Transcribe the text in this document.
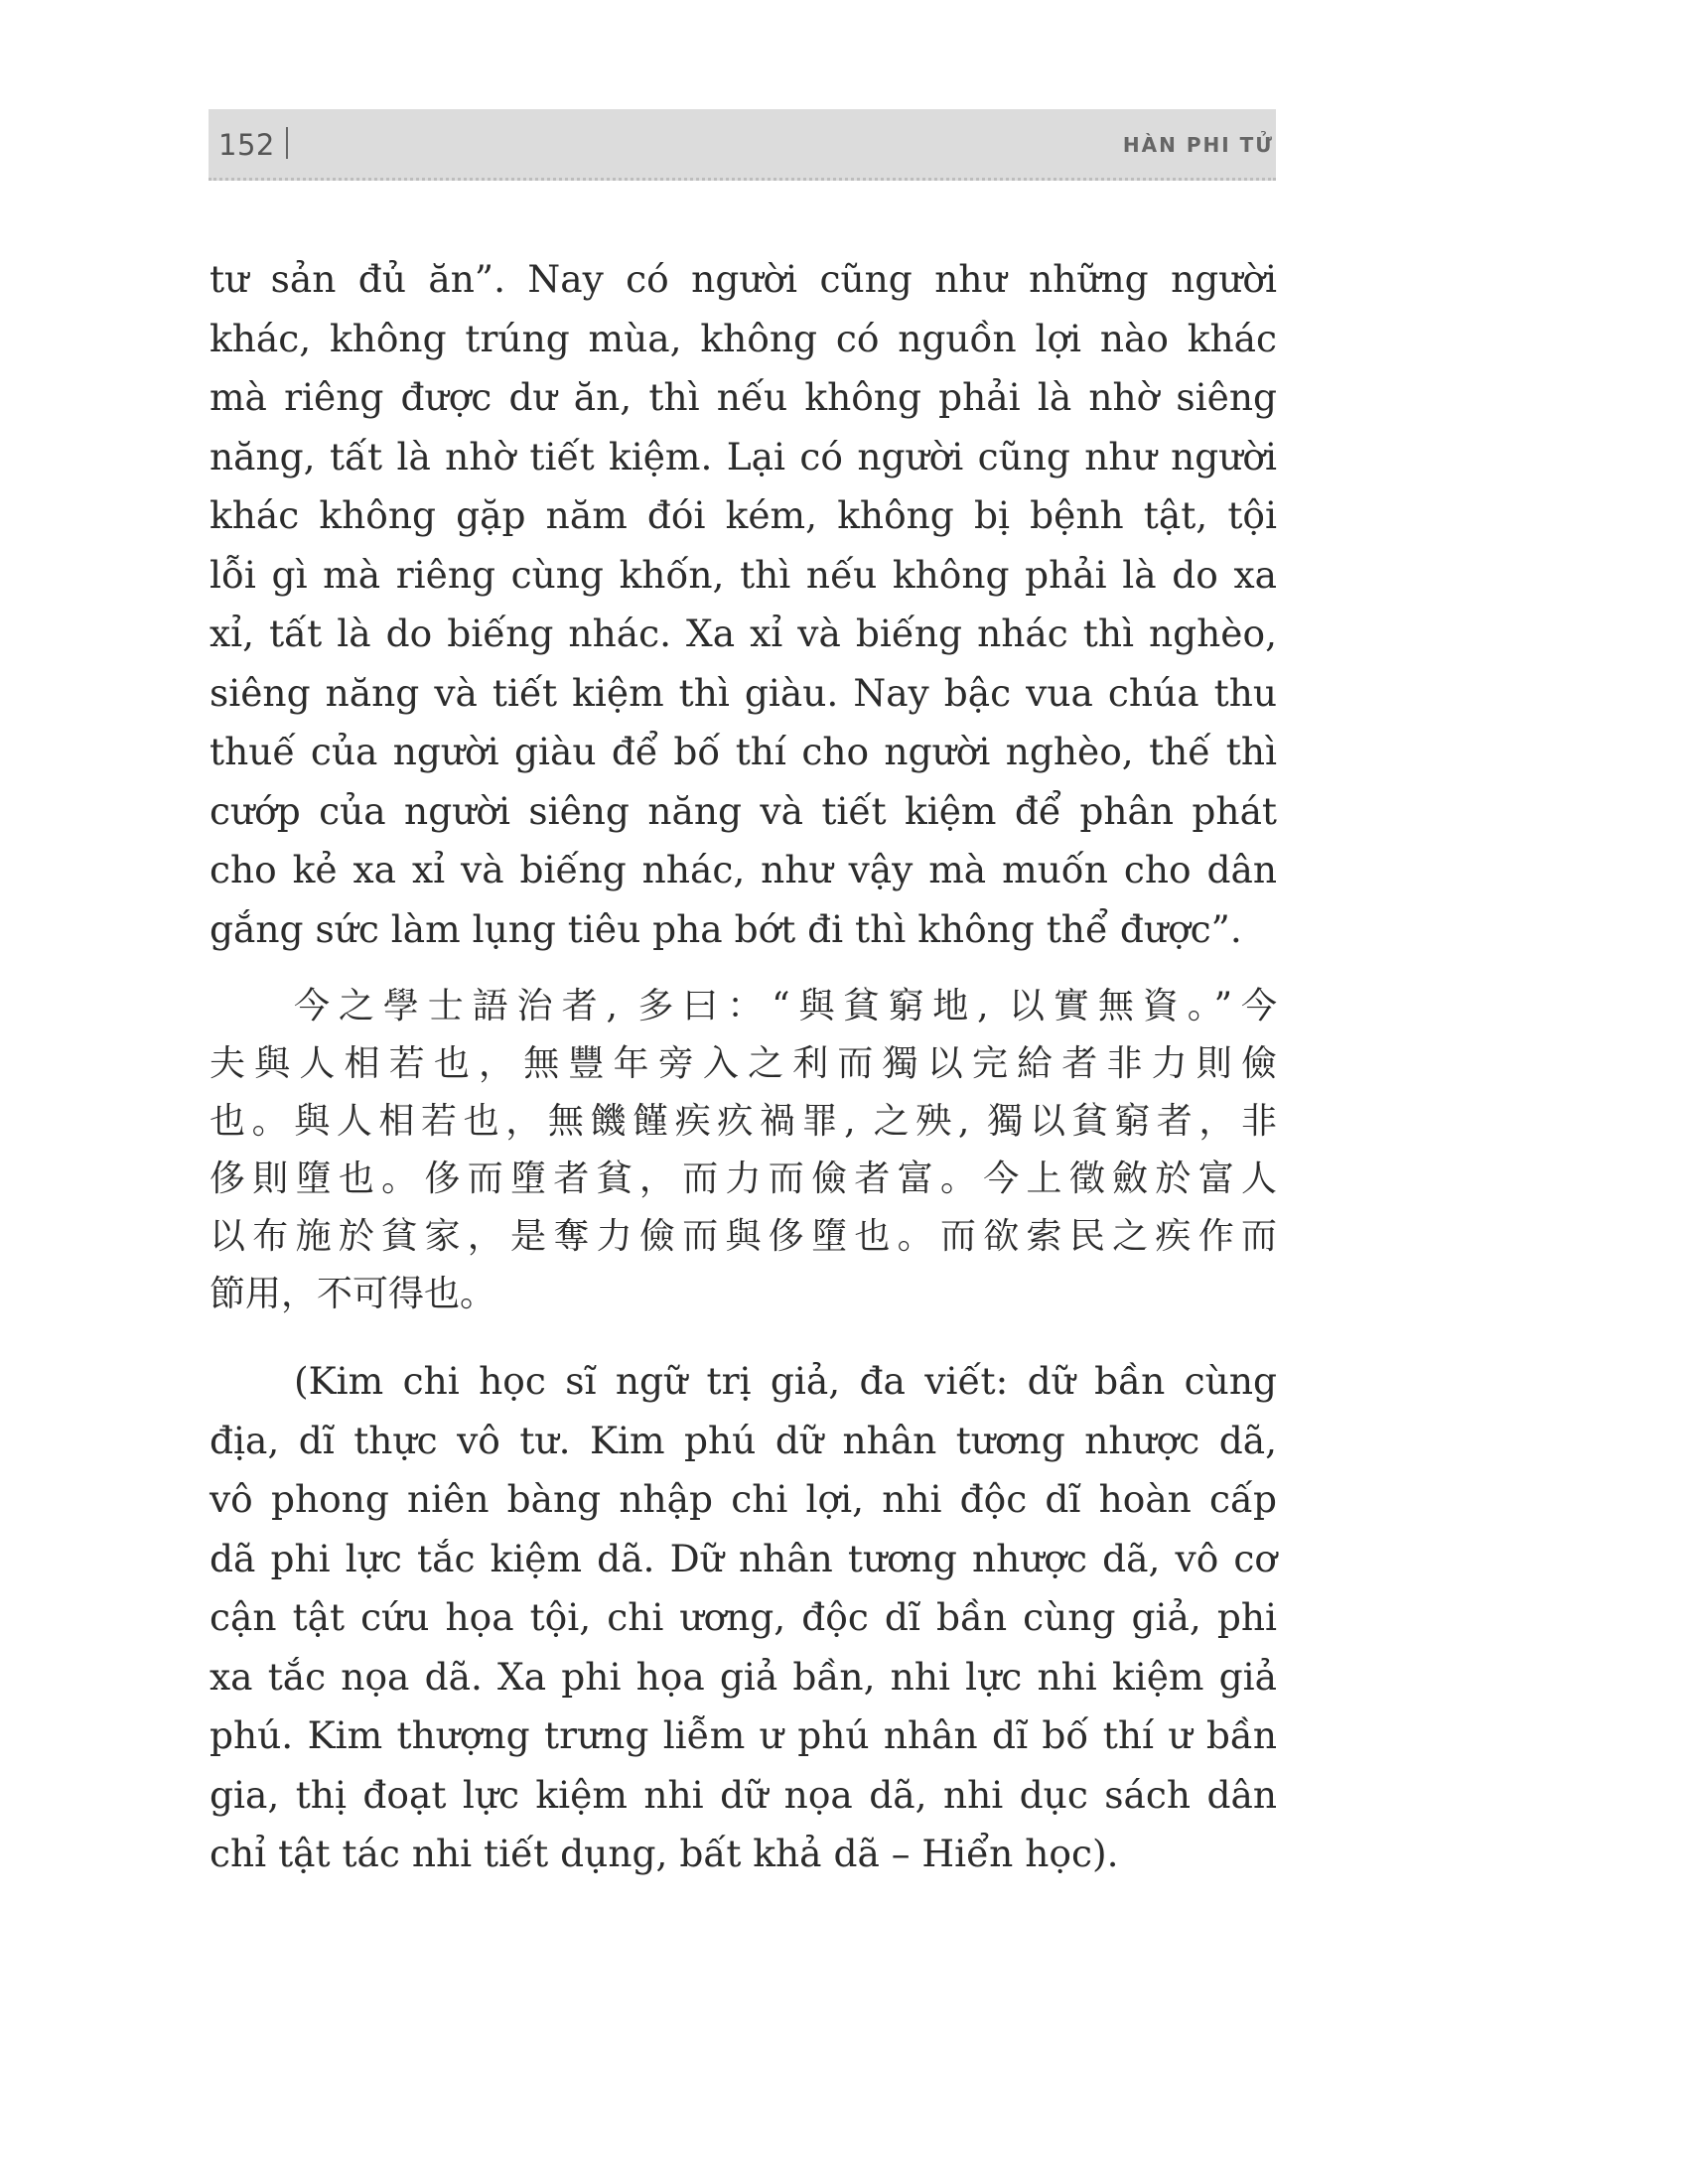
152	HÀN PHI TỬ
tư sản đủ ăn”. Nay có người cũng như những người
khác, không trúng mùa, không có nguồn lợi nào khác
mà riêng được dư ăn, thì nếu không phải là nhờ siêng
năng, tất là nhờ tiết kiệm. Lại có người cũng như người
khác không gặp năm đói kém, không bị bệnh tật, tội
lỗi gì mà riêng cùng khốn, thì nếu không phải là do xa
xỉ, tất là do biếng nhác. Xa xỉ và biếng nhác thì nghèo,
siêng năng và tiết kiệm thì giàu. Nay bậc vua chúa thu
thuế của người giàu để bố thí cho người nghèo, thế thì
cướp của người siêng năng và tiết kiệm để phân phát
cho kẻ xa xỉ và biếng nhác, như vậy mà muốn cho dân
gắng sức làm lụng tiêu pha bớt đi thì không thể được”.
今之學士語治者, 多曰：“與貧窮地, 以實無資。”今
夫與人相若也，無豐年旁入之利而獨以完給者非力則儉
也。與人相若也，無饑饉疾疚禍罪, 之殃, 獨以貧窮者，非
侈則墮也。侈而墮者貧，而力而儉者富。今上徵斂於富人
以布施於貧家，是奪力儉而與侈墮也。而欲索民之疾作而
節用，不可得也。
(Kim chi học sĩ ngữ trị giả, đa viết: dữ bần cùng
địa, dĩ thực vô tư. Kim phú dữ nhân tương nhược dã,
vô phong niên bàng nhập chi lợi, nhi độc dĩ hoàn cấp
dã phi lực tắc kiệm dã. Dữ nhân tương nhược dã, vô cơ
cận tật cứu họa tội, chi ương, độc dĩ bần cùng giả, phi
xa tắc nọa dã. Xa phi họa giả bần, nhi lực nhi kiệm giả
phú. Kim thượng trưng liễm ư phú nhân dĩ bố thí ư bần
gia, thị đoạt lực kiệm nhi dữ nọa dã, nhi dục sách dân
chỉ tật tác nhi tiết dụng, bất khả dã – Hiển học).
